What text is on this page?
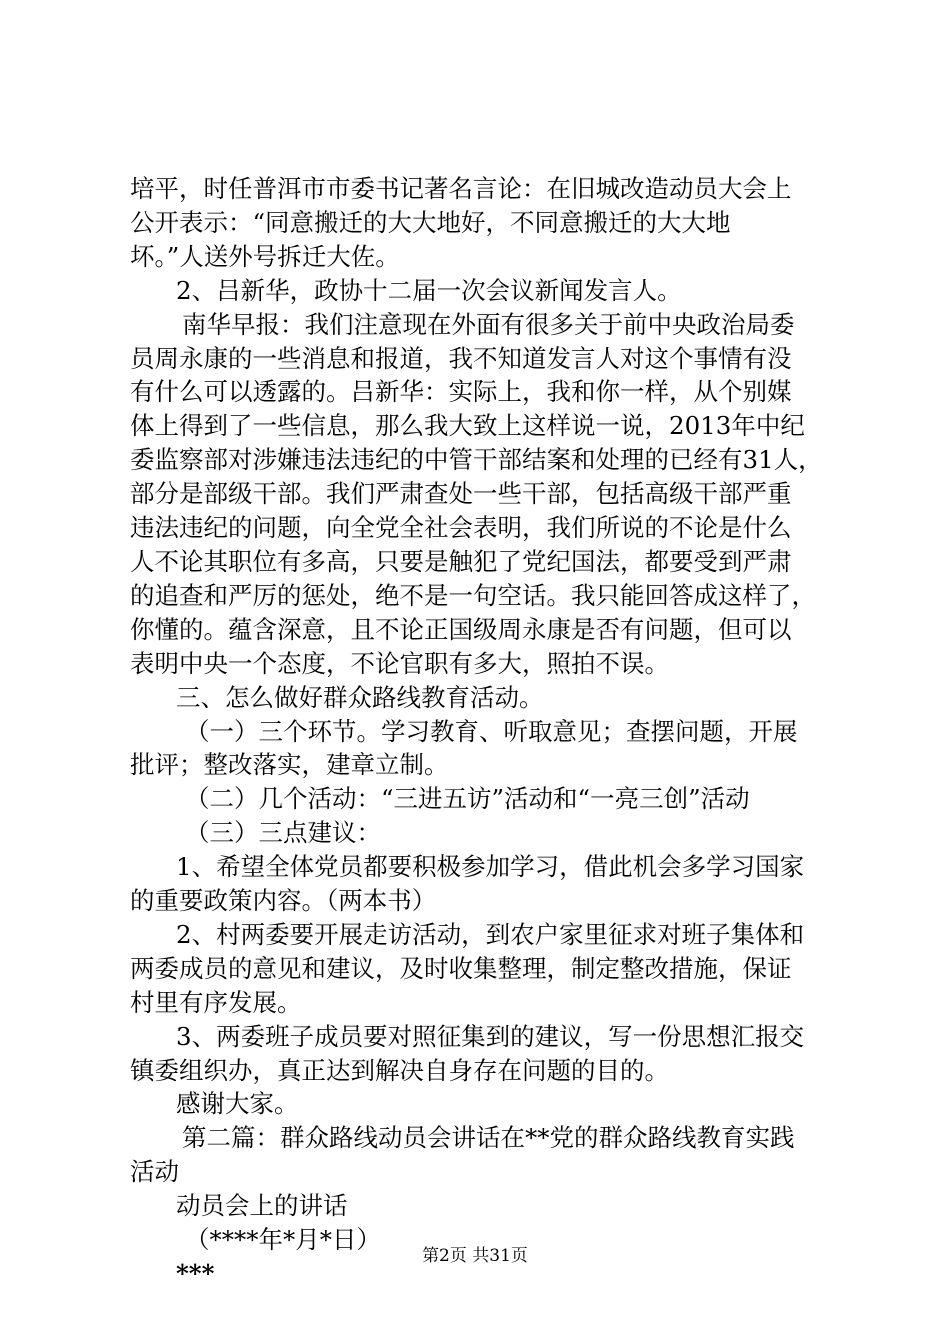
培平，时任普洱市市委书记著名言论：在旧城改造动员大会上
公开表示：“同意搬迁的大大地好，不同意搬迁的大大地
坏。”人送外号拆迁大佐。
2、吕新华，政协十二届一次会议新闻发言人。
南华早报：我们注意现在外面有很多关于前中央政治局委
员周永康的一些消息和报道，我不知道发言人对这个事情有没
有什么可以透露的。吕新华：实际上，我和你一样，从个别媒
体上得到了一些信息，那么我大致上这样说一说，2013年中纪
委监察部对涉嫌违法违纪的中管干部结案和处理的已经有31人，
部分是部级干部。我们严肃查处一些干部，包括高级干部严重
违法违纪的问题，向全党全社会表明，我们所说的不论是什么
人不论其职位有多高，只要是触犯了党纪国法，都要受到严肃
的追查和严厉的惩处，绝不是一句空话。我只能回答成这样了，
你懂的。蕴含深意，且不论正国级周永康是否有问题，但可以
表明中央一个态度，不论官职有多大，照拍不误。
三、怎么做好群众路线教育活动。
（一）三个环节。学习教育、听取意见；查摆问题，开展
批评；整改落实，建章立制。
（二）几个活动：“三进五访”活动和“一亮三创”活动
（三）三点建议：
1、希望全体党员都要积极参加学习，借此机会多学习国家
的重要政策内容。（两本书）
2、村两委要开展走访活动，到农户家里征求对班子集体和
两委成员的意见和建议，及时收集整理，制定整改措施，保证
村里有序发展。
3、两委班子成员要对照征集到的建议，写一份思想汇报交
镇委组织办，真正达到解决自身存在问题的目的。
感谢大家。
第二篇：群众路线动员会讲话在**党的群众路线教育实践
活动
动员会上的讲话
（****年*月*日）
***
第2页 共31页
